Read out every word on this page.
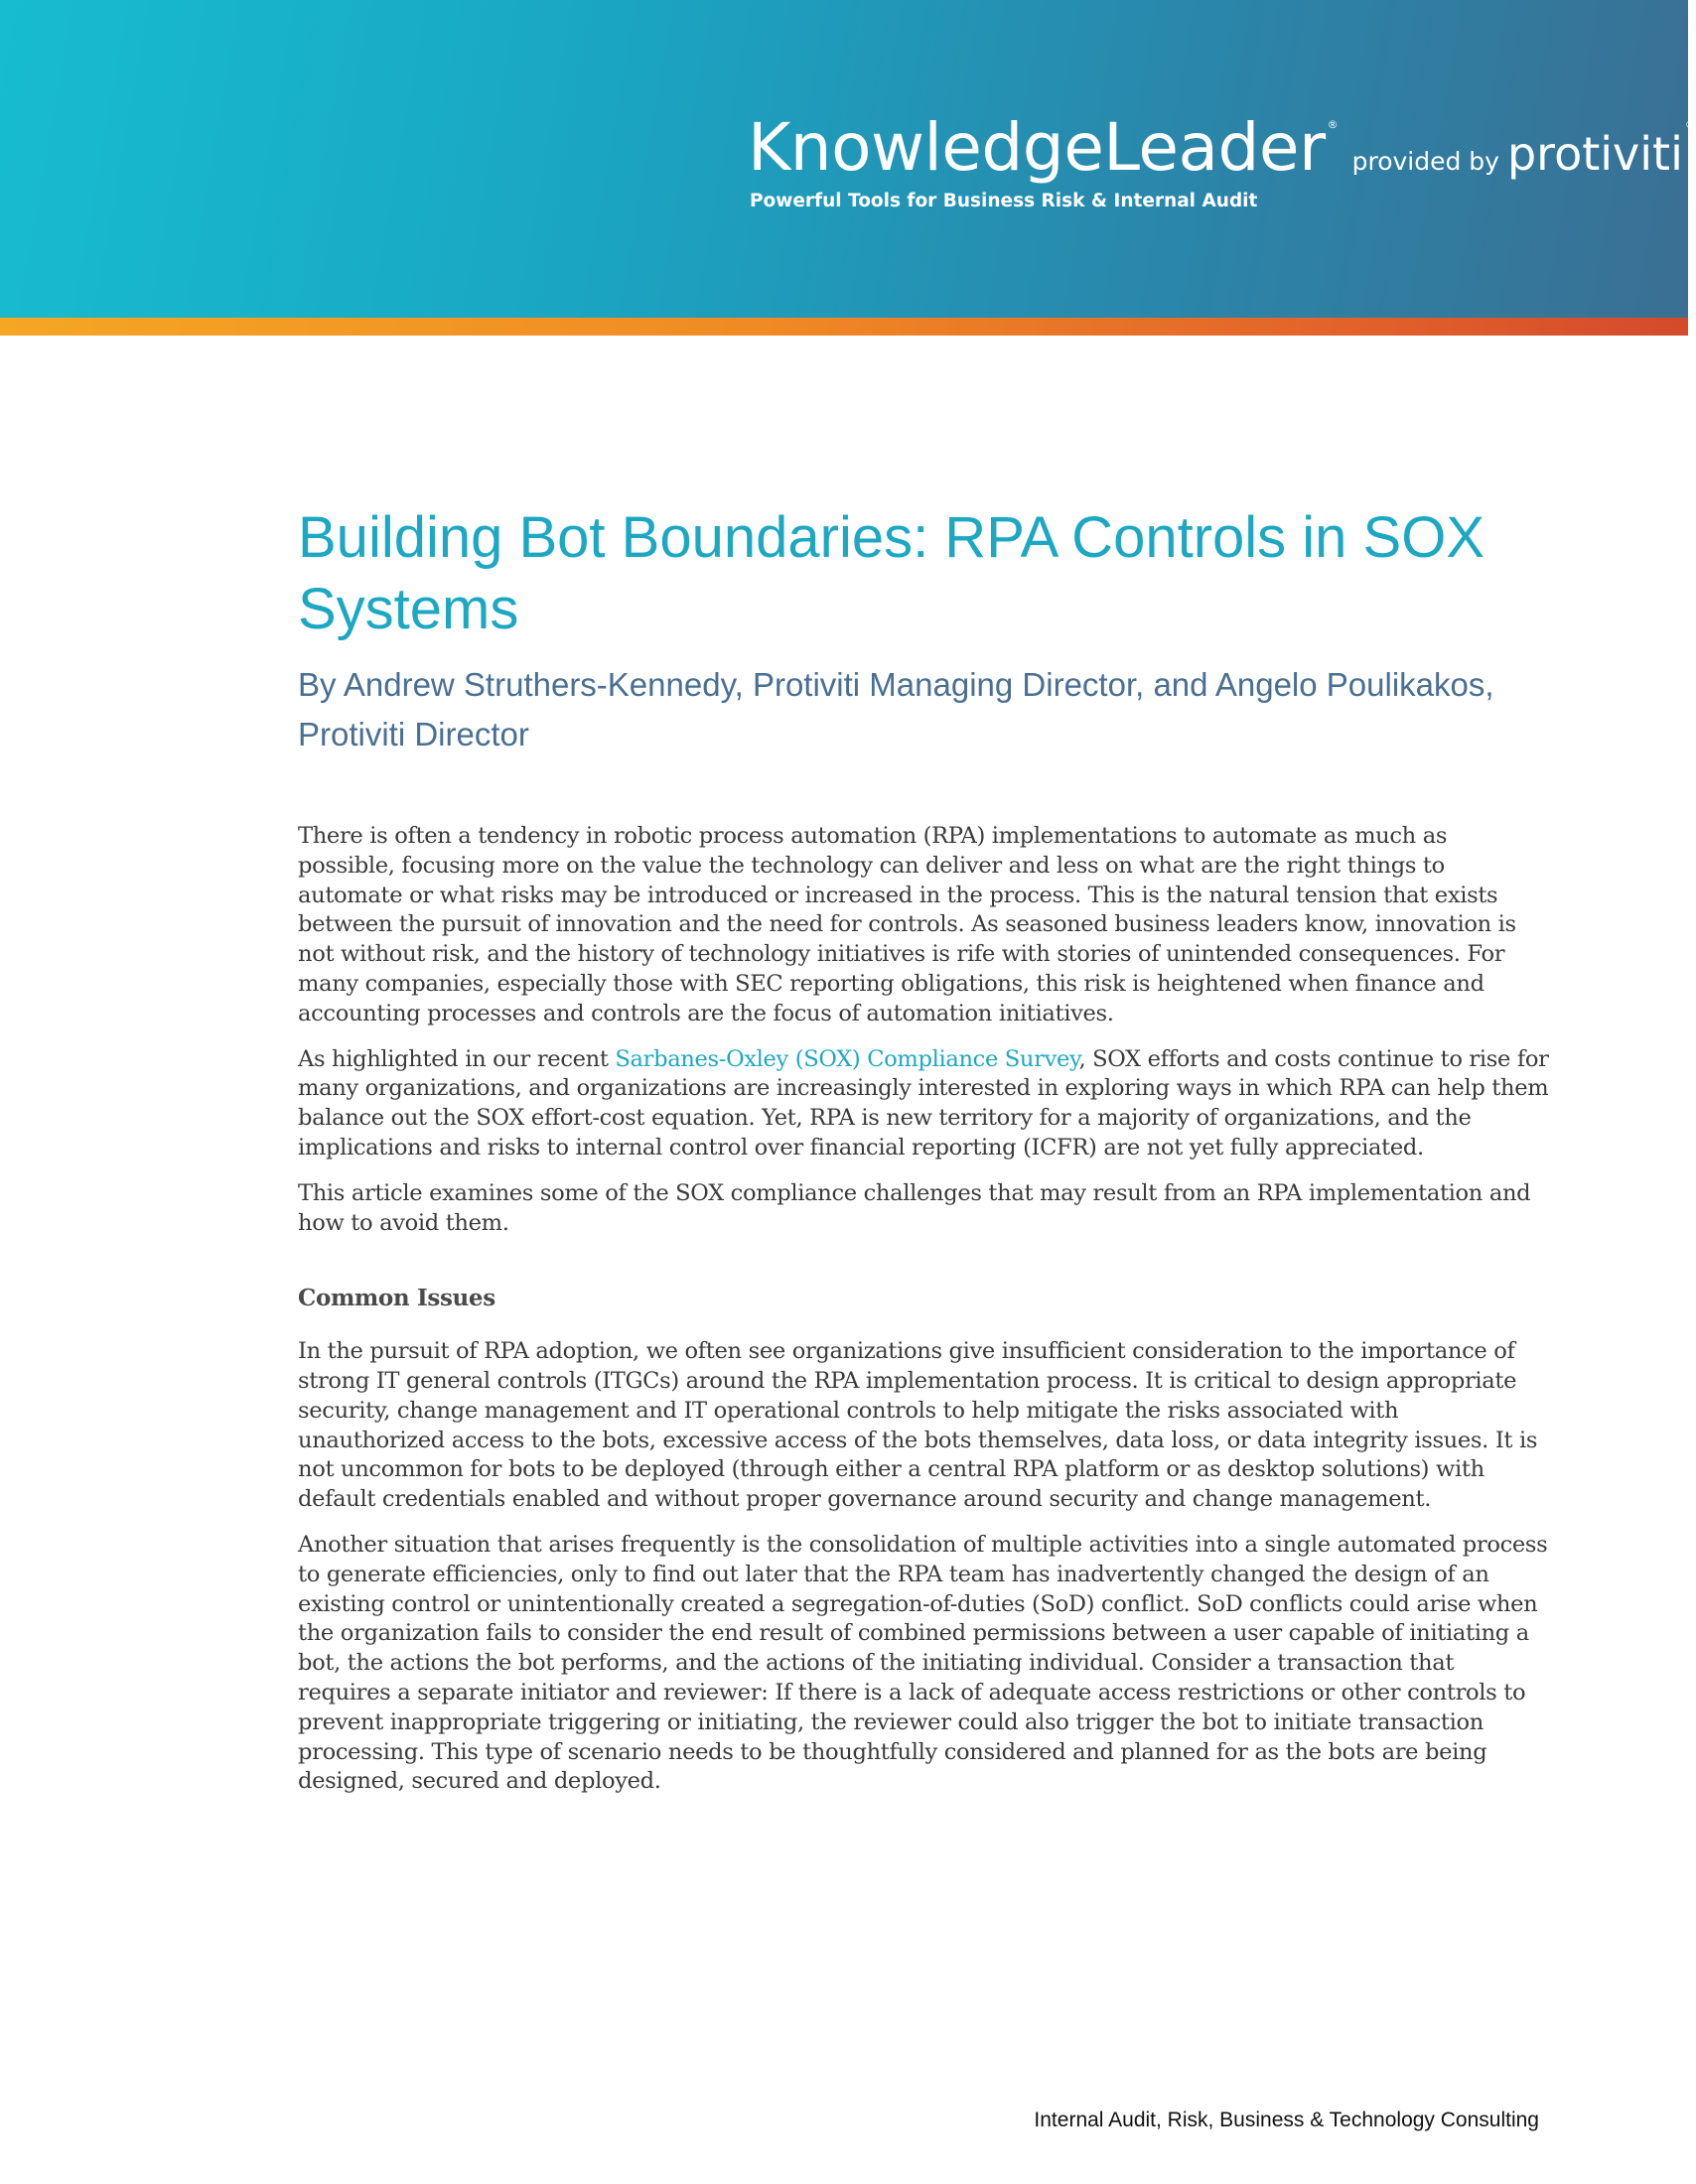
KnowledgeLeader ®provided by protiviti®
Powerful Tools for Business Risk & Internal Audit
Building Bot Boundaries: RPA Controls in SOX Systems

By Andrew Struthers-Kennedy, Protiviti Managing Director, and Angelo Poulikakos, Protiviti Director

There is often a tendency in robotic process automation (RPA) implementations to automate as much as possible, focusing more on the value the technology can deliver and less on what are the right things to automate or what risks may be introduced or increased in the process. This is the natural tension that exists between the pursuit of innovation and the need for controls. As seasoned business leaders know, innovation is not without risk, and the history of technology initiatives is rife with stories of unintended consequences. For many companies, especially those with SEC reporting obligations, this risk is heightened when finance and accounting processes and controls are the focus of automation initiatives.

As highlighted in our recent Sarbanes-Oxley (SOX) Compliance Survey, SOX efforts and costs continue to rise for many organizations, and organizations are increasingly interested in exploring ways in which RPA can help them balance out the SOX effort-cost equation. Yet, RPA is new territory for a majority of organizations, and the implications and risks to internal control over financial reporting (ICFR) are not yet fully appreciated.

This article examines some of the SOX compliance challenges that may result from an RPA implementation and how to avoid them.

Common Issues

In the pursuit of RPA adoption, we often see organizations give insufficient consideration to the importance of strong IT general controls (ITGCs) around the RPA implementation process. It is critical to design appropriate security, change management and IT operational controls to help mitigate the risks associated with unauthorized access to the bots, excessive access of the bots themselves, data loss, or data integrity issues. It is not uncommon for bots to be deployed (through either a central RPA platform or as desktop solutions) with default credentials enabled and without proper governance around security and change management.

Another situation that arises frequently is the consolidation of multiple activities into a single automated process to generate efficiencies, only to find out later that the RPA team has inadvertently changed the design of an existing control or unintentionally created a segregation-of-duties (SoD) conflict. SoD conflicts could arise when the organization fails to consider the end result of combined permissions between a user capable of initiating a bot, the actions the bot performs, and the actions of the initiating individual. Consider a transaction that requires a separate initiator and reviewer: If there is a lack of adequate access restrictions or other controls to prevent inappropriate triggering or initiating, the reviewer could also trigger the bot to initiate transaction processing. This type of scenario needs to be thoughtfully considered and planned for as the bots are being designed, secured and deployed.

Internal Audit, Risk, Business & Technology Consulting
